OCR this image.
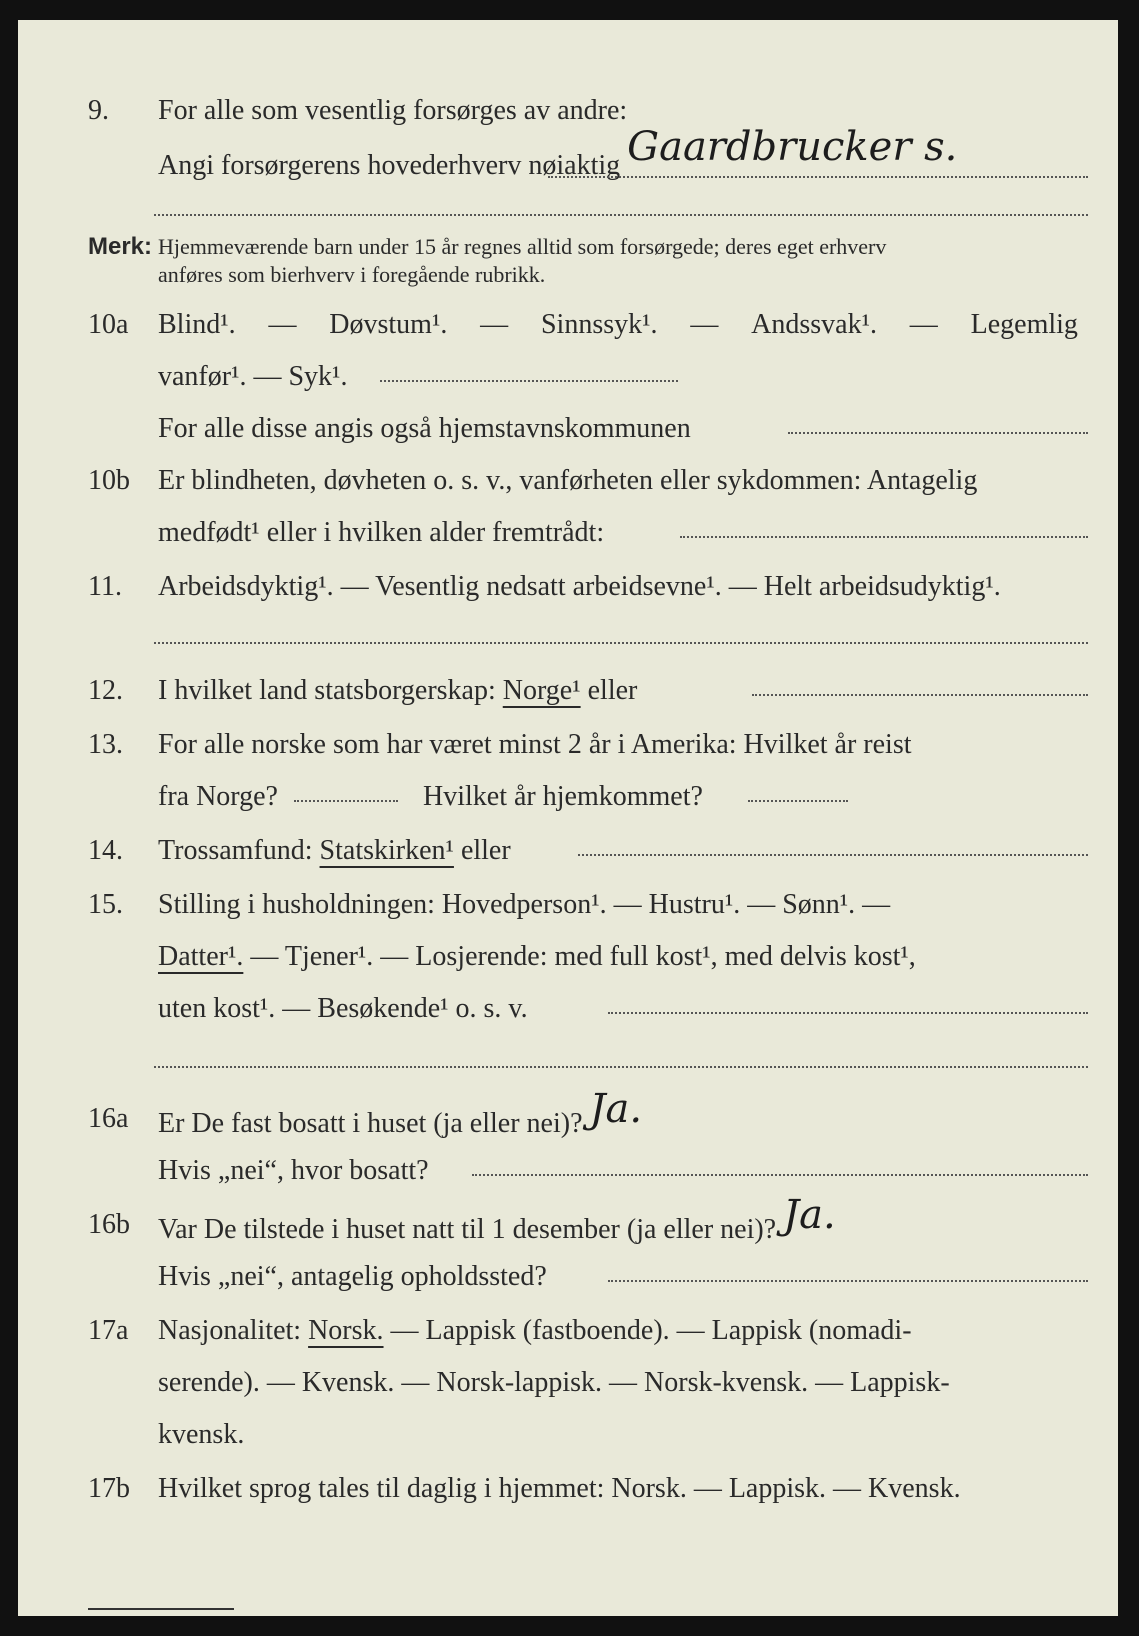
9. For alle som vesentlig forsørges av andre:
Angi forsørgerens hovederhverv nøiaktig Gaardbrucker s.
Merk: Hjemmeværende barn under 15 år regnes alltid som forsørgede; deres eget erhverv
anføres som bierhverv i foregående rubrikk.
10a Blind¹. — Døvstum¹. — Sinnssyk¹. — Andssvak¹. — Legemlig
vanfør¹. — Syk¹.
For alle disse angis også hjemstavnskommunen
10b Er blindheten, døvheten o. s. v., vanførheten eller sykdommen: Antagelig
medfødt¹ eller i hvilken alder fremtrådt:
11. Arbeidsdyktig¹. — Vesentlig nedsatt arbeidsevne¹. — Helt arbeidsudyktig¹.
12. I hvilket land statsborgerskap: Norge¹ eller
13. For alle norske som har været minst 2 år i Amerika: Hvilket år reist
fra Norge?	Hvilket år hjemkommet?
14. Trossamfund: Statskirken¹ eller
15. Stilling i husholdningen: Hovedperson¹. — Hustru¹. — Sønn¹. —
Datter¹. — Tjener¹. — Losjerende: med full kost¹, med delvis kost¹,
uten kost¹. — Besøkende¹ o. s. v.
16a Er De fast bosatt i huset (ja eller nei)? Ja.
Hvis „nei“, hvor bosatt?
16b Var De tilstede i huset natt til 1 desember (ja eller nei)? Ja.
Hvis „nei“, antagelig opholdssted?
17a Nasjonalitet: Norsk. — Lappisk (fastboende). — Lappisk (nomadi-
serende). — Kvensk. — Norsk-lappisk. — Norsk-kvensk. — Lappisk-
kvensk.
17b Hvilket sprog tales til daglig i hjemmet: Norsk. — Lappisk. — Kvensk.
